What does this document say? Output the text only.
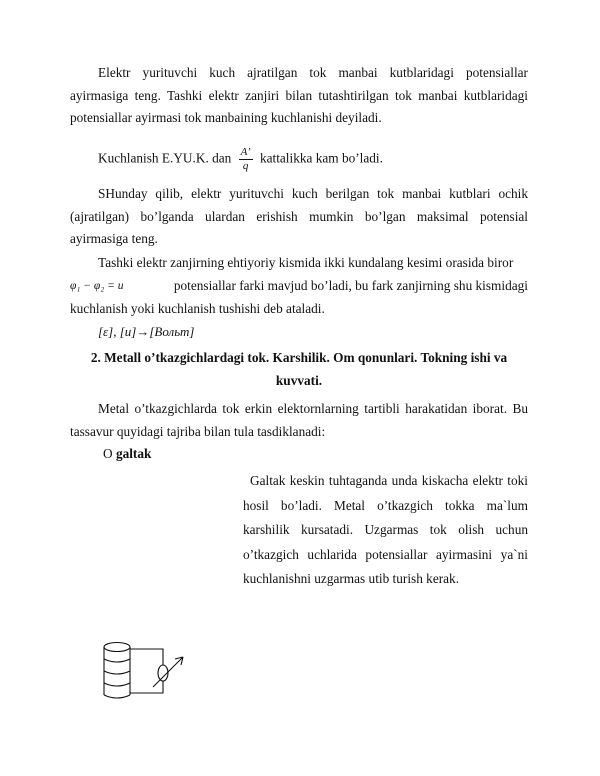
Elektr yurituvchi kuch ajratilgan tok manbai kutblaridagi potensiallar ayirmasiga teng. Tashki elektr zanjiri bilan tutashtirilgan tok manbai kutblaridagi potensiallar ayirmasi tok manbaining kuchlanishi deyiladi.

Kuchlanish E.YU.K. dan $\frac{A’}{q}$ kattalikka kam bo’ladi.

SHunday qilib, elektr yurituvchi kuch berilgan tok manbai kutblari ochik (ajratilgan) bo’lganda ulardan erishish mumkin bo’lgan maksimal potensial ayirmasiga teng.

Tashki elektr zanjirning ehtiyoriy kismida ikki kundalang kesimi orasida biror
φ₁ − φ₂ = u	potensiallar farki mavjud bo’ladi, bu fark zanjirning shu kismidagi
kuchlanish yoki kuchlanish tushishi deb ataladi.
[ε], [u]→[Вольт]
2. Metall o’tkazgichlardagi tok. Karshilik. Om qonunlari. Tokning ishi va kuvvati.

Metal o’tkazgichlarda tok erkin elektornlarning tartibli harakatidan iborat. Bu tassavur quyidagi tajriba bilan tula tasdiklanadi:

O galtak

Galtak keskin tuhtaganda unda kiskacha elektr toki hosil bo’ladi. Metal o’tkazgich tokka ma`lum karshilik kursatadi. Uzgarmas tok olish uchun o’tkazgich uchlarida potensiallar ayirmasini ya`ni kuchlanishni uzgarmas utib turish kerak.
